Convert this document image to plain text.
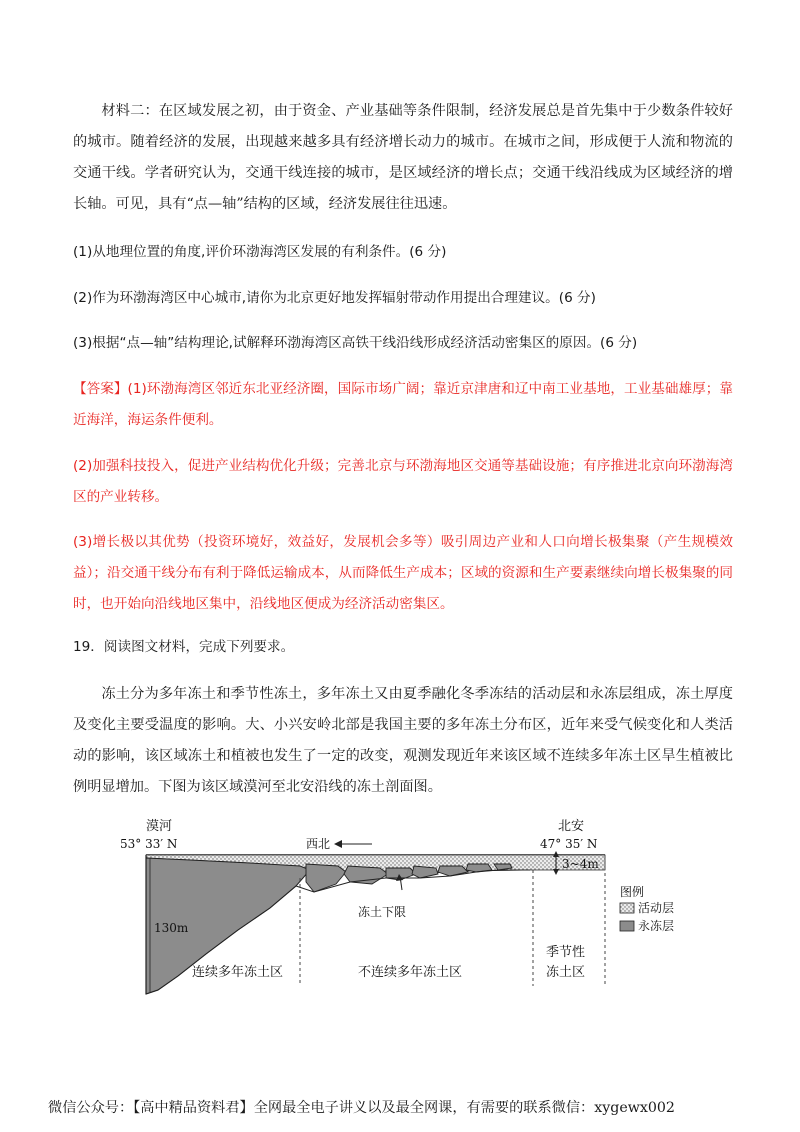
材料二：在区域发展之初，由于资金、产业基础等条件限制，经济发展总是首先集中于少数条件较好的城市。随着经济的发展，出现越来越多具有经济增长动力的城市。在城市之间，形成便于人流和物流的交通干线。学者研究认为，交通干线连接的城市，是区域经济的增长点；交通干线沿线成为区域经济的增长轴。可见，具有“点—轴”结构的区域，经济发展往往迅速。

(1)从地理位置的角度,评价环渤海湾区发展的有利条件。(6 分)

(2)作为环渤海湾区中心城市,请你为北京更好地发挥辐射带动作用提出合理建议。(6 分)

(3)根据“点—轴”结构理论,试解释环渤海湾区高铁干线沿线形成经济活动密集区的原因。(6 分)

【答案】(1)环渤海湾区邻近东北亚经济圈，国际市场广阔；靠近京津唐和辽中南工业基地，工业基础雄厚；靠近海洋，海运条件便利。

(2)加强科技投入，促进产业结构优化升级；完善北京与环渤海地区交通等基础设施；有序推进北京向环渤海湾区的产业转移。

(3)增长极以其优势（投资环境好，效益好，发展机会多等）吸引周边产业和人口向增长极集聚（产生规模效益）；沿交通干线分布有利于降低运输成本，从而降低生产成本；区域的资源和生产要素继续向增长极集聚的同时，也开始向沿线地区集中，沿线地区便成为经济活动密集区。

19．阅读图文材料，完成下列要求。

冻土分为多年冻土和季节性冻土，多年冻土又由夏季融化冬季冻结的活动层和永冻层组成，冻土厚度及变化主要受温度的影响。大、小兴安岭北部是我国主要的多年冻土分布区，近年来受气候变化和人类活动的影响，该区域冻土和植被也发生了一定的改变，观测发现近年来该区域不连续多年冻土区旱生植被比例明显增加。下图为该区域漠河至北安沿线的冻土剖面图。

漠河
53° 33′ N
北安
47° 35′ N
西北
3~4m
130m
冻土下限
图例
活动层
永冻层
连续多年冻土区	不连续多年冻土区
季节性
冻土区
微信公众号：【高中精品资料君】全网最全电子讲义以及最全网课，有需要的联系微信：xygewx002
